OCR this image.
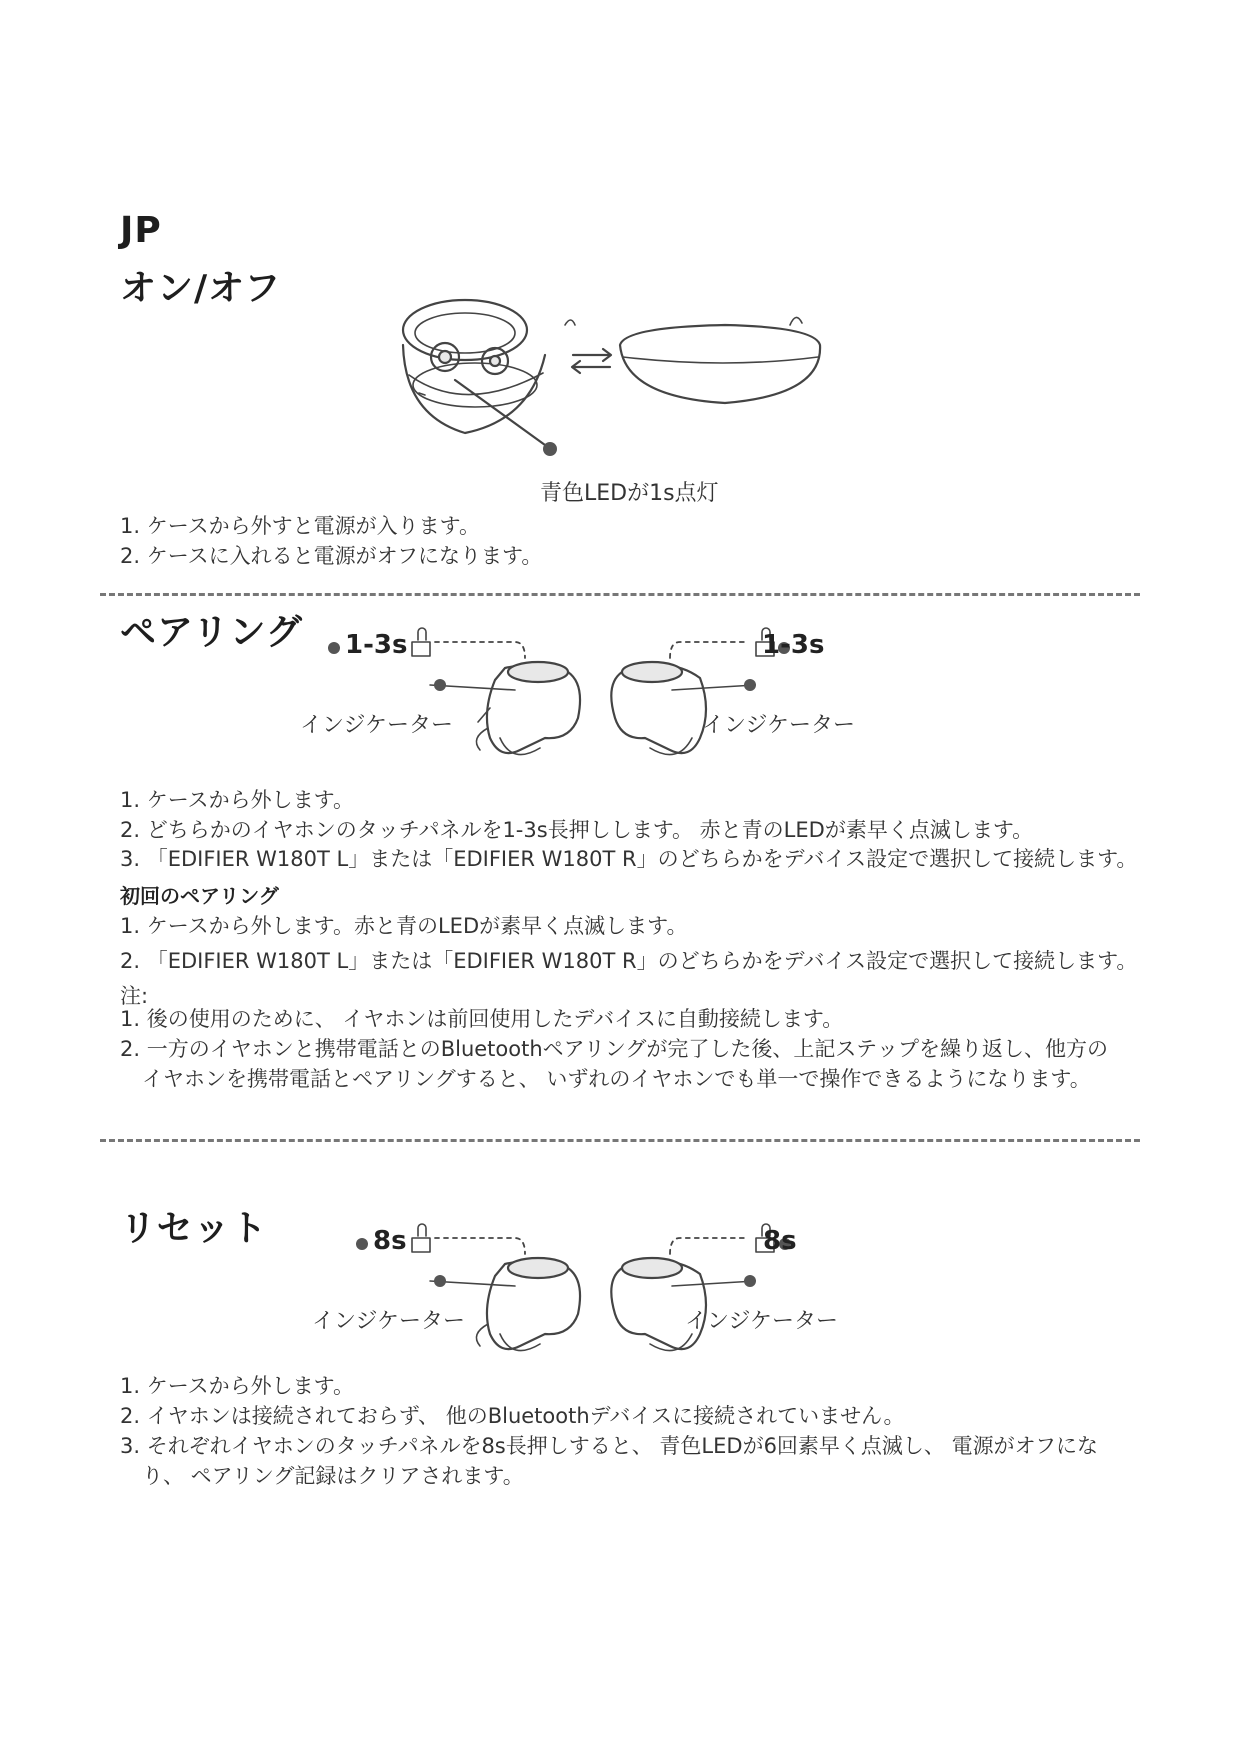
JP
オン/オフ
青色LEDが1s点灯
1. ケースから外すと電源が入ります。
2. ケースに入れると電源がオフになります。
ペアリング 1-3s	1-3s
インジケーター	インジケーター
1. ケースから外します。
2. どちらかのイヤホンのタッチパネルを1-3s長押しします。 赤と青のLEDが素早く点滅します。
3. 「EDIFIER W180T L」または「EDIFIER W180T R」のどちらかをデバイス設定で選択して接続します。
初回のペアリング
1. ケースから外します。赤と青のLEDが素早く点滅します。
2. 「EDIFIER W180T L」または「EDIFIER W180T R」のどちらかをデバイス設定で選択して接続します。
注:
1. 後の使用のために、 イヤホンは前回使用したデバイスに自動接続します。
2. 一方のイヤホンと携帯電話とのBluetoothペアリングが完了した後、上記ステップを繰り返し、他方の
イヤホンを携帯電話とペアリングすると、 いずれのイヤホンでも単一で操作できるようになります。
リセット	8s	8s
インジケーター	インジケーター
1. ケースから外します。
2. イヤホンは接続されておらず、 他のBluetoothデバイスに接続されていません。
3. それぞれイヤホンのタッチパネルを8s長押しすると、 青色LEDが6回素早く点滅し、 電源がオフにな
り、 ペアリング記録はクリアされます。
